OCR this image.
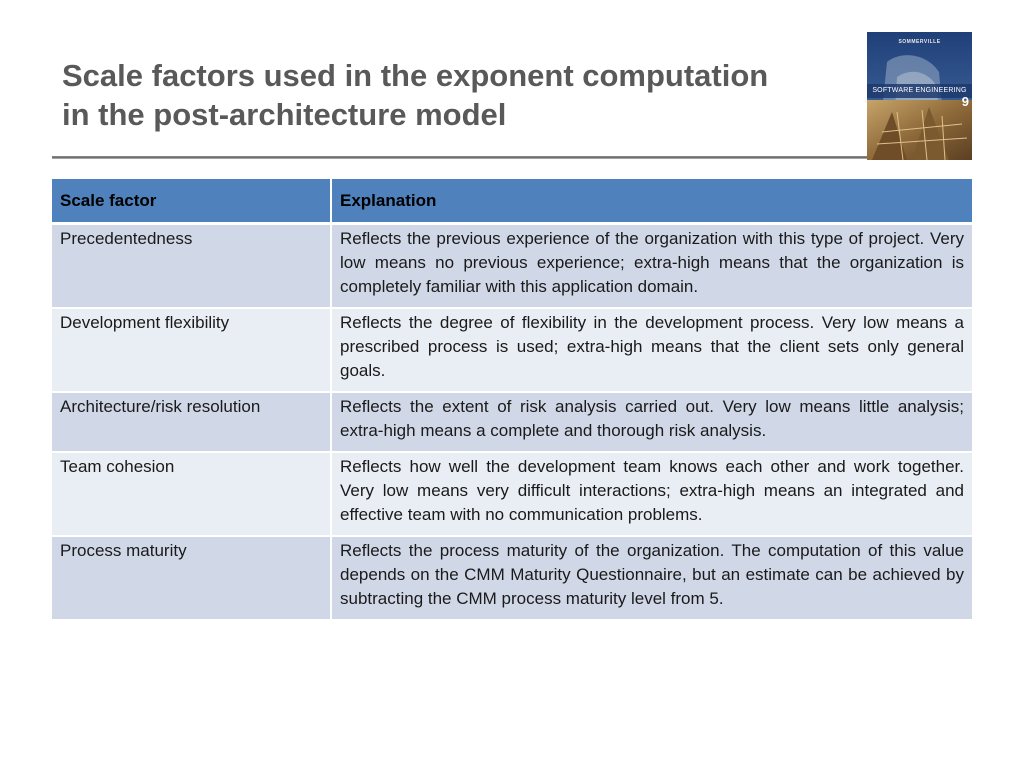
Scale factors used in the exponent computation
in the post-architecture model
SOMMERVILLE
SOFTWARE ENGINEERING
9
Scale factor	Explanation
Precedentedness	Reflects the previous experience of the organization with this type of project. Very low means no previous experience; extra-high means that the organization is completely familiar with this application domain.
Development flexibility	Reflects the degree of flexibility in the development process. Very low means a prescribed process is used; extra-high means that the client sets only general goals.
Architecture/risk resolution	Reflects the extent of risk analysis carried out. Very low means little analysis; extra-high means a complete and thorough risk analysis.
Team cohesion	Reflects how well the development team knows each other and work together. Very low means very difficult interactions; extra-high means an integrated and effective team with no communication problems.
Process maturity	Reflects the process maturity of the organization. The computation of this value depends on the CMM Maturity Questionnaire, but an estimate can be achieved by subtracting the CMM process maturity level from 5.
